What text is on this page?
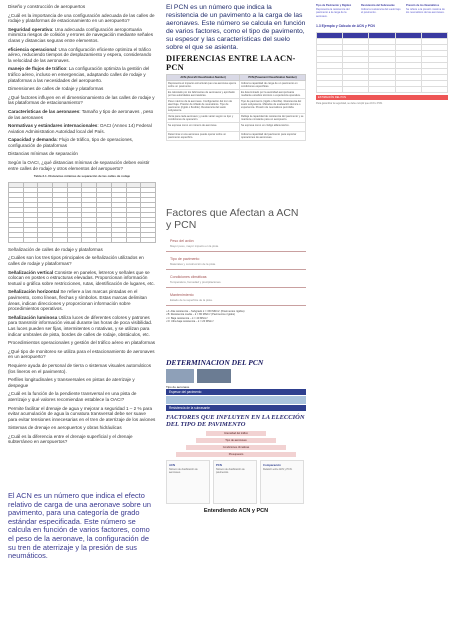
Diseño y construcción de aeropuertos

¿Cuál es la importancia de una configuración adecuada de las calles de rodaje y plataformas de estacionamiento en un aeropuerto?

Seguridad operativa: Una adecuada configuración aeroportuaria minimiza riesgos de colisión y errores de navegación mediante señales claras y distancias seguras entre elementos.

eficiencia operacional: Una configuración eficiente optimiza el tráfico aéreo, reduciendo tiempos de desplazamiento y espera, considerando la velocidad de las aeronaves.

manejo de flujos de tráfico: La configuración optimiza la gestión del tráfico aéreo, incluso en emergencias, adaptando calles de rodaje y plataformas a las necesidades del aeropuerto.

Dimensiones de calles de rodaje y plataformas

¿Qué factores influyen en el dimensionamiento de las calles de rodaje y las plataformas de estacionamiento?

Características de las aeronaves: Tamaño y tipo de aeronaves , peso de las aeronaves

Normativas y estándares internacionales: OACI (Annex 14) Federal Aviation Administration Autoridad local del País.

Capacidad y demanda: Flujo de tráfico, tipo de operaciones, configuración de plataformas

Distancias mínimas de separación

Según la OACI, ¿qué distancias mínimas de separación deben existir entre calles de rodaje y otros elementos del aeropuerto?

Tabla 3-1. Distancias mínimas de separación de las calles de rodaje

Señalización de calles de rodaje y plataformas

¿Cuáles son los tres tipos principales de señalización utilizados en calles de rodaje y plataformas?

Señalización vertical Consiste en paneles, letreros y señales que se colocan en postes o estructuras elevadas. Proporcionan información textual o gráfica sobre restricciones, rutas, identificación de lugares, etc.

Señalización horizontal Se refiere a las marcas pintadas en el pavimento, como líneas, flechas y símbolos. Estas marcas delimitan áreas, indican direcciones y proporcionan información sobre procedimientos operativos.

Señalización luminosa Utiliza luces de diferentes colores y patrones para transmitir información visual durante las horas de poca visibilidad. Las luces pueden ser fijas, intermitentes o rotativas, y se utilizan para indicar umbrales de pista, bordes de calles de rodaje, obstáculos, etc.

Procedimientos operacionales y gestión del tráfico aéreo en plataformas

¿Qué tipo de monitoreo se utiliza para el estacionamiento de aeronaves en un aeropuerto?

Requiere ayuda de personal de tierra o sistemas visuales automáticos (los lineros en el pavimento).

Perfiles longitudinales y transversales en pistas de aterrizaje y despegue

¿Cuál es la función de la pendiente transversal en una pista de aterrizaje y qué valores recomiendan establece la OACI?

Permite facilitar el drenaje de agua y mejorar a seguridad 1 – 2 % para evitar acumulación de agua la curvatura transversal debe ser suave para evitar tensiones innecesarias en el tren de aterrizaje de los aviones

Sistemas de drenaje en aeropuertos y obras hidráulicas

¿Cuál es la diferencia entre el drenaje superficial y el drenaje subterráneo en aeropuertos?

El ACN es un número que indica el efecto relativo de carga de una aeronave sobre un pavimento, para una categoría de grado estándar especificada. Este número se calcula en función de varios factores, como el peso de la aeronave, la configuración de su tren de aterrizaje y la presión de sus neumáticos.
El PCN es un número que indica la resistencia de un pavimento a la carga de las aeronaves. Este número se calcula en función de varios factores, como el tipo de pavimento, su espesor y las características del suelo sobre el que se asienta.
DIFERENCIAS ENTRE LA ACN-PCN
ACN (Aircraft Classification Number)	PCN (Pavement Classification Number)
Representa el impacto estructural que una aeronave ejerce sobre un pavimento.	Indica la capacidad de carga de un pavimento en condiciones específicas.
Es calculado por los fabricantes de aeronaves y aprobado por las autoridades aeronáuticas.	Es determinado por la autoridad aeroportuaria mediante estudios técnicos o experiencia operativa.
Peso máximo de la aeronave. Configuración del tren de aterrizaje. Presión de inflado de neumáticos. Tipo de pavimento (rígido o flexible). Resistencia del suelo subyacente.	Tipo de pavimento (rígido o flexible). Resistencia del suelo subyacente. Métodos de evaluación técnica o experiencia. Presión de neumáticos permitida.
Varía para cada aeronave y puede variar según su tipo y condiciones de operación.	Refleja la capacidad de resistencia del pavimento y se mantiene constante para un aeropuerto.
Se expresa como un número de aeronave.	Se expresa como un código alfanumérico.
Determina si una aeronave puede operar sobre un pavimento específico.	Indica la capacidad del pavimento para soportar operaciones de aeronaves.
Factores que Afectan a ACN y PCN
Peso del avión
Mayor peso, mayor impacto en la pista.
Tipo de pavimento
Materiales y construcción de la pista.
Condiciones climáticas
Temperatura, humedad y precipitaciones.
Mantenimiento
Estado de la superficie de la pista.
• A: Alta resistencia – Subgrado k = 150 MN/m³ (Pavimentos rígidos)
• B: Resistencia media – k = 80 MN/m³ (Pavimentos rígidos)
• C: Baja resistencia – k = 40 MN/m³
• D: Ultra baja resistencia – k = 20 MN/m³
DETERMINACION DEL PCN
Tipo de aeronave
Espesor del pavimento
Resistencia de la subrasante
FACTORES QUE INFLUYEN EN LA ELECCIÓN DEL TIPO DE PAVIMENTO
Intensidad del tráfico
Tipo de aeronaves
Condiciones climáticas
Presupuesto
ACN
Número de clasificación de aeronaves.
PCN
Número de clasificación de pavimentos.
Comparación
Relación entre ACN y PCN.
Entendiendo ACN y PCN
Tipo de Pavimento y Rigidez
Representa la resistencia del pavimento a la carga de la aeronave.
Resistencia del Subrasante
Indica la resistencia del suelo bajo el pavimento.
Presión de los Neumáticos
Se refiere a la presión máxima de los neumáticos de las aeronaves.
1.3 Ejemplo y Cálculo de ACN y PCN

ESTIMACIÓN DEL PCN
Para garantizar la seguridad, se debe cumplir que ACN ≤ PCN.
